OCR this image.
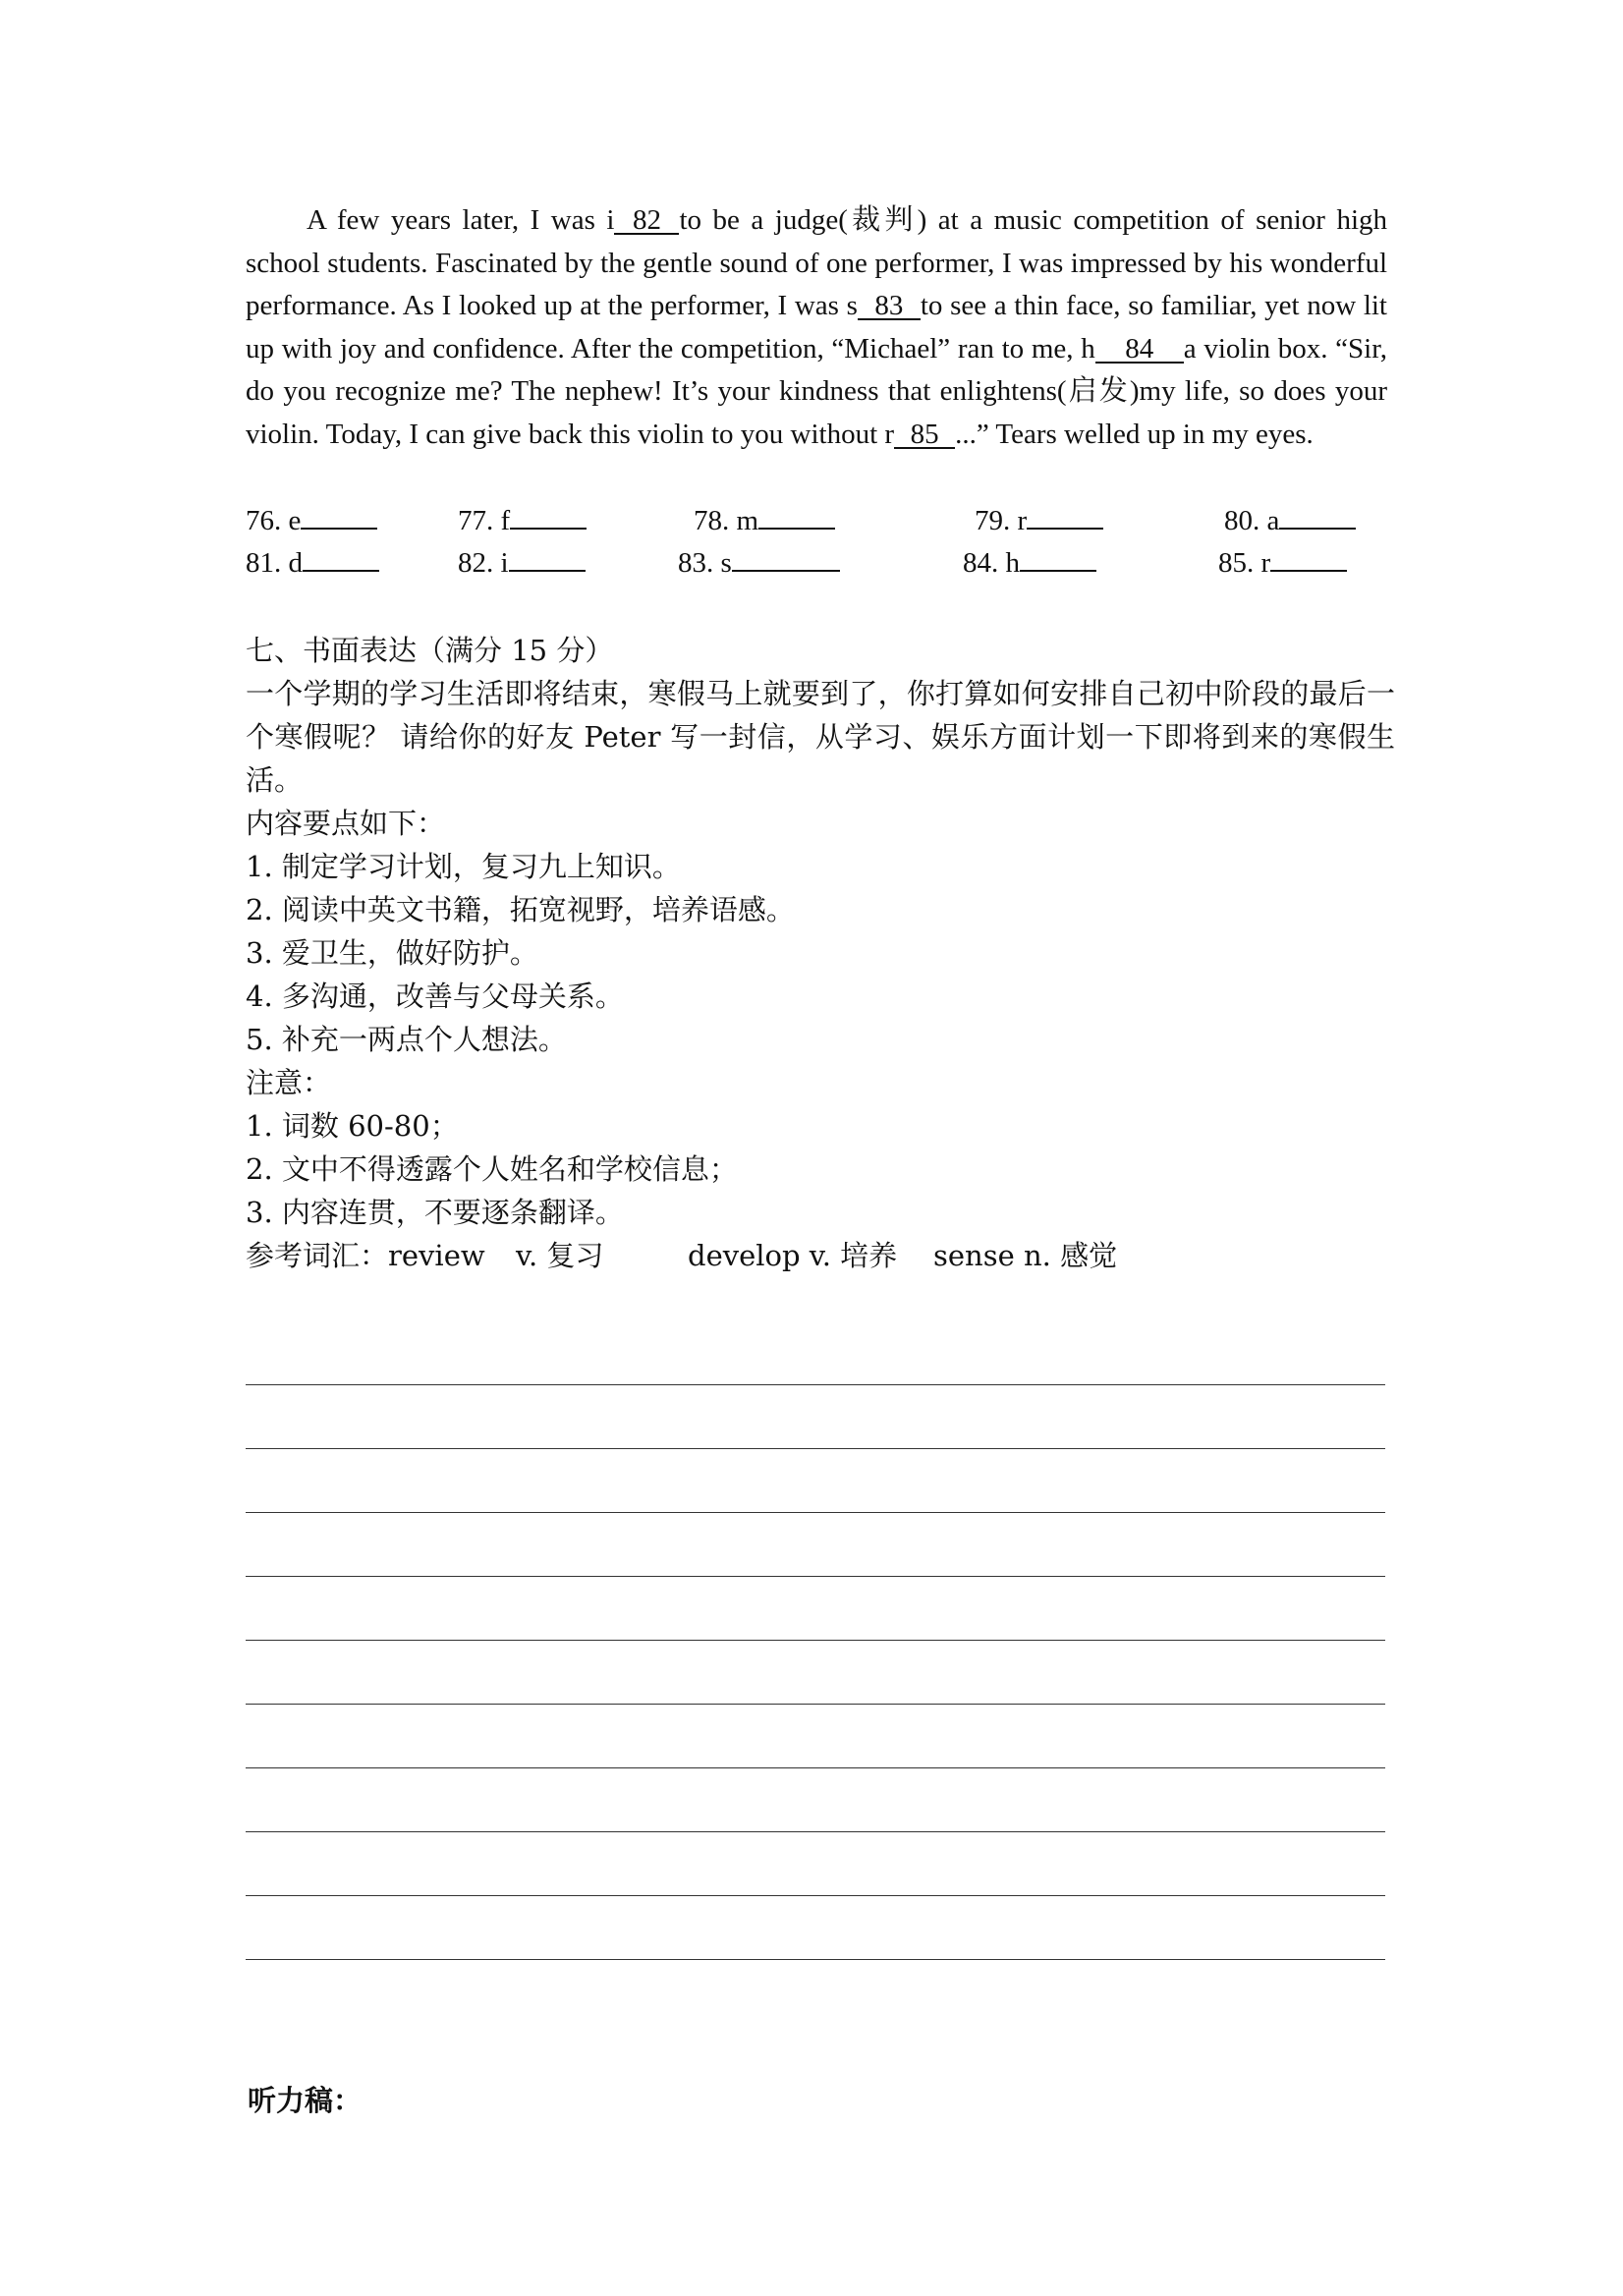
A few years later, I was i 82 to be a judge(裁判) at a music competition of senior high school students. Fascinated by the gentle sound of one performer, I was impressed by his wonderful performance. As I looked up at the performer, I was s 83 to see a thin face, so familiar, yet now lit up with joy and confidence. After the competition, “Michael” ran to me, h 84 a violin box. “Sir, do you recognize me? The nephew! It’s your kindness that enlightens(启发)my life, so does your violin. Today, I can give back this violin to you without r 85 ...” Tears welled up in my eyes.

76. e	77. f	78. m	79. r	80. a
81. d	82. i	83. s	84. h	85. r
七、书面表达（满分 15 分）
一个学期的学习生活即将结束，寒假马上就要到了，你打算如何安排自己初中阶段的最后一个寒假呢？ 请给你的好友 Peter 写一封信，从学习、娱乐方面计划一下即将到来的寒假生活。
内容要点如下：
1. 制定学习计划，复习九上知识。
2. 阅读中英文书籍，拓宽视野，培养语感。
3. 爱卫生，做好防护。
4. 多沟通，改善与父母关系。
5. 补充一两点个人想法。
注意：
1. 词数 60-80；
2. 文中不得透露个人姓名和学校信息；
3. 内容连贯，不要逐条翻译。
参考词汇：review v. 复习	develop v. 培养 sense n. 感觉
听力稿：
